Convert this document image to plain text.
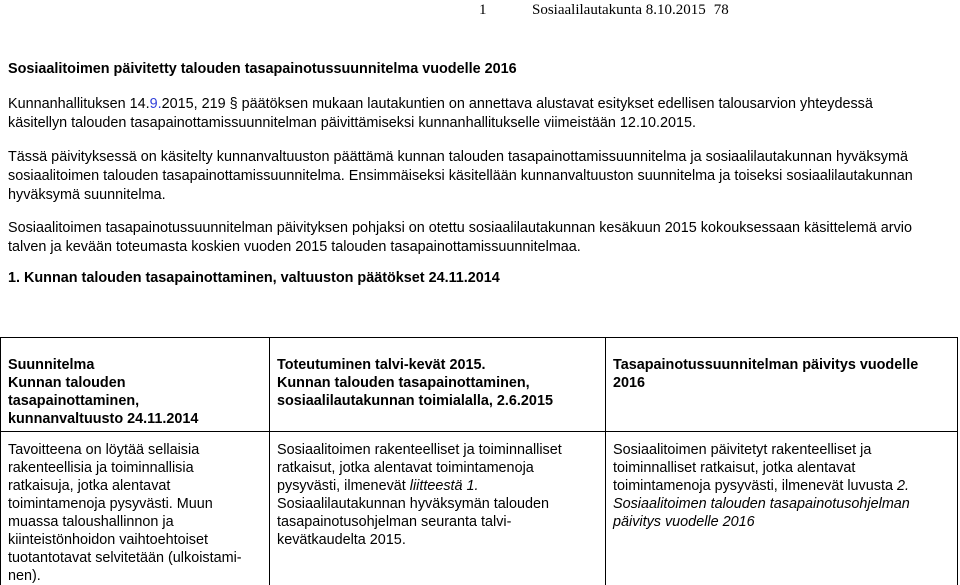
1	Sosiaalilautakunta 8.10.2015 78
Sosiaalitoimen päivitetty talouden tasapainotussuunnitelma vuodelle 2016

Kunnanhallituksen 14.9.2015, 219 § päätöksen mukaan lautakuntien on annettava alustavat esitykset edellisen talousarvion yhteydessä
käsitellyn talouden tasapainottamissuunnitelman päivittämiseksi kunnanhallitukselle viimeistään 12.10.2015.

Tässä päivityksessä on käsitelty kunnanvaltuuston päättämä kunnan talouden tasapainottamissuunnitelma ja sosiaalilautakunnan hyväksymä
sosiaalitoimen talouden tasapainottamissuunnitelma. Ensimmäiseksi käsitellään kunnanvaltuuston suunnitelma ja toiseksi sosiaalilautakunnan
hyväksymä suunnitelma.

Sosiaalitoimen tasapainotussuunnitelman päivityksen pohjaksi on otettu sosiaalilautakunnan kesäkuun 2015 kokouksessaan käsittelemä arvio
talven ja kevään toteumasta koskien vuoden 2015 talouden tasapainottamissuunnitelmaa.

1. Kunnan talouden tasapainottaminen, valtuuston päätökset 24.11.2014
Suunnitelma
Kunnan talouden
tasapainottaminen,
kunnanvaltuusto 24.11.2014
Toteutuminen talvi-kevät 2015.
Kunnan talouden tasapainottaminen,
sosiaalilautakunnan toimialalla, 2.6.2015
Tasapainotussuunnitelman päivitys vuodelle
2016
Tavoitteena on löytää sellaisia
rakenteellisia ja toiminnallisia
ratkaisuja, jotka alentavat
toimintamenoja pysyvästi. Muun
muassa taloushallinnon ja
kiinteistönhoidon vaihtoehtoiset
tuotantotavat selvitetään (ulkoistami-
nen).
Sosiaalitoimen rakenteelliset ja toiminnalliset
ratkaisut, jotka alentavat toimintamenoja
pysyvästi, ilmenevät liitteestä 1.
Sosiaalilautakunnan hyväksymän talouden
tasapainotusohjelman seuranta talvi-
kevätkaudelta 2015.
Sosiaalitoimen päivitetyt rakenteelliset ja
toiminnalliset ratkaisut, jotka alentavat
toimintamenoja pysyvästi, ilmenevät luvusta 2.
Sosiaalitoimen talouden tasapainotusohjelman
päivitys vuodelle 2016
